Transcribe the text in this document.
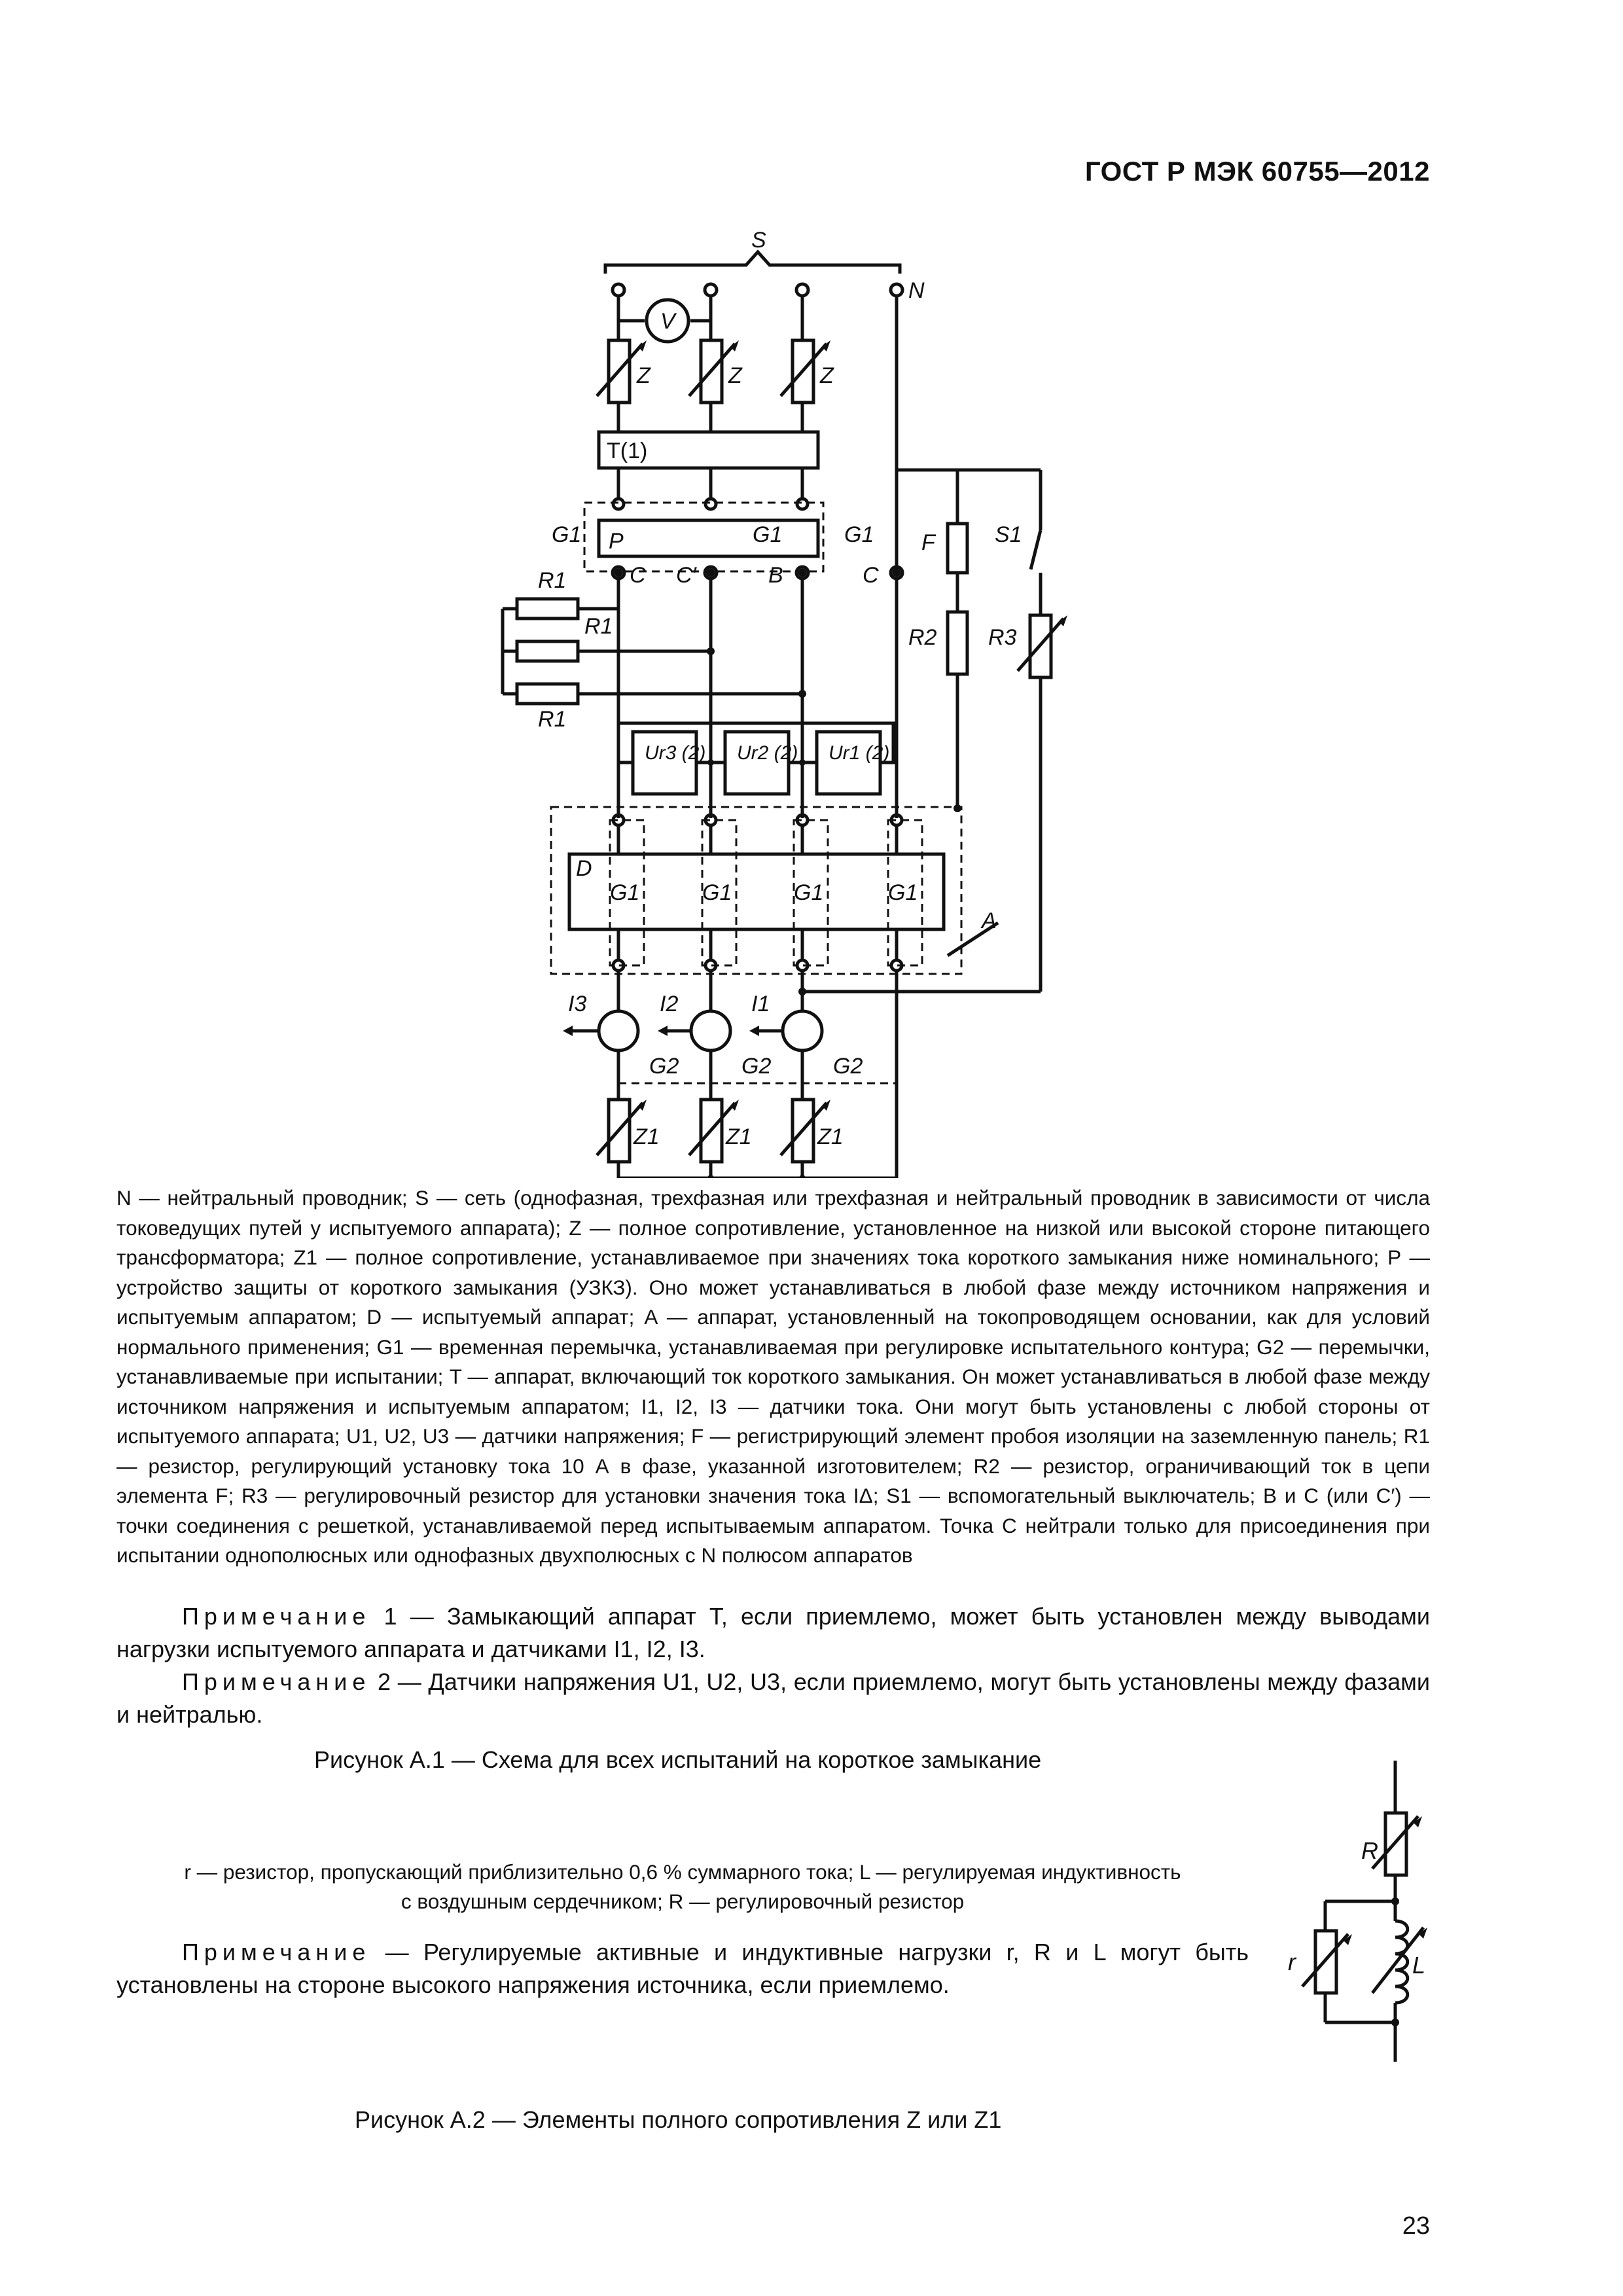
ГОСТ Р МЭК 60755—2012
S
N
V
Z	Z	Z
T(1)
G1	G1	G1
P
C C′	B	C
F	S1
R1
R1
R1
R2 R3
Ur3 (2) Ur2 (2) Ur1 (2)
D
G1	G1	G1	G1
A
I3	I2	I1
G2	G2	G2
Z1	Z1	Z1

N — нейтральный проводник; S — сеть (однофазная, трехфазная или трехфазная и нейтральный проводник в зависимости от числа токоведущих путей у испытуемого аппарата); Z — полное сопротивление, установленное на низкой или высокой стороне питающего трансформатора; Z1 — полное сопротивление, устанавливаемое при значениях тока короткого замыкания ниже номинального; P — устройство защиты от короткого замыкания (УЗКЗ). Оно может устанавливаться в любой фазе между источником напряжения и испытуемым аппаратом; D — испытуемый аппарат; A — аппарат, установленный на токопроводящем основании, как для условий нормального применения; G1 — временная перемычка, устанавливаемая при регулировке испытательного контура; G2 — перемычки, устанавливаемые при испытании; T — аппарат, включающий ток короткого замыкания. Он может устанавливаться в любой фазе между источником напряжения и испытуемым аппаратом; I1, I2, I3 — датчики тока. Они могут быть установлены с любой стороны от испытуемого аппарата; U1, U2, U3 — датчики напряжения; F — регистрирующий элемент пробоя изоляции на заземленную панель; R1 — резистор, регулирующий установку тока 10 А в фазе, указанной изготовителем; R2 — резистор, ограничивающий ток в цепи элемента F; R3 — регулировочный резистор для установки значения тока IΔ; S1 — вспомогательный выключатель; B и C (или C′) — точки соединения с решеткой, устанавливаемой перед испытываемым аппаратом. Точка C нейтрали только для присоединения при испытании однополюсных или однофазных двухполюсных с N полюсом аппаратов

Примечание 1 — Замыкающий аппарат T, если приемлемо, может быть установлен между выводами нагрузки испытуемого аппарата и датчиками I1, I2, I3.
Примечание 2 — Датчики напряжения U1, U2, U3, если приемлемо, могут быть установлены между фазами и нейтралью.
Рисунок А.1 — Схема для всех испытаний на короткое замыкание
r — резистор, пропускающий приблизительно 0,6 % суммарного тока; L — регулируемая индуктивность
с воздушным сердечником; R — регулировочный резистор
Примечание — Регулируемые активные и индуктивные нагрузки r, R и L могут быть установлены на стороне высокого напряжения источника, если приемлемо.
R
r	L
Рисунок А.2 — Элементы полного сопротивления Z или Z1
23
